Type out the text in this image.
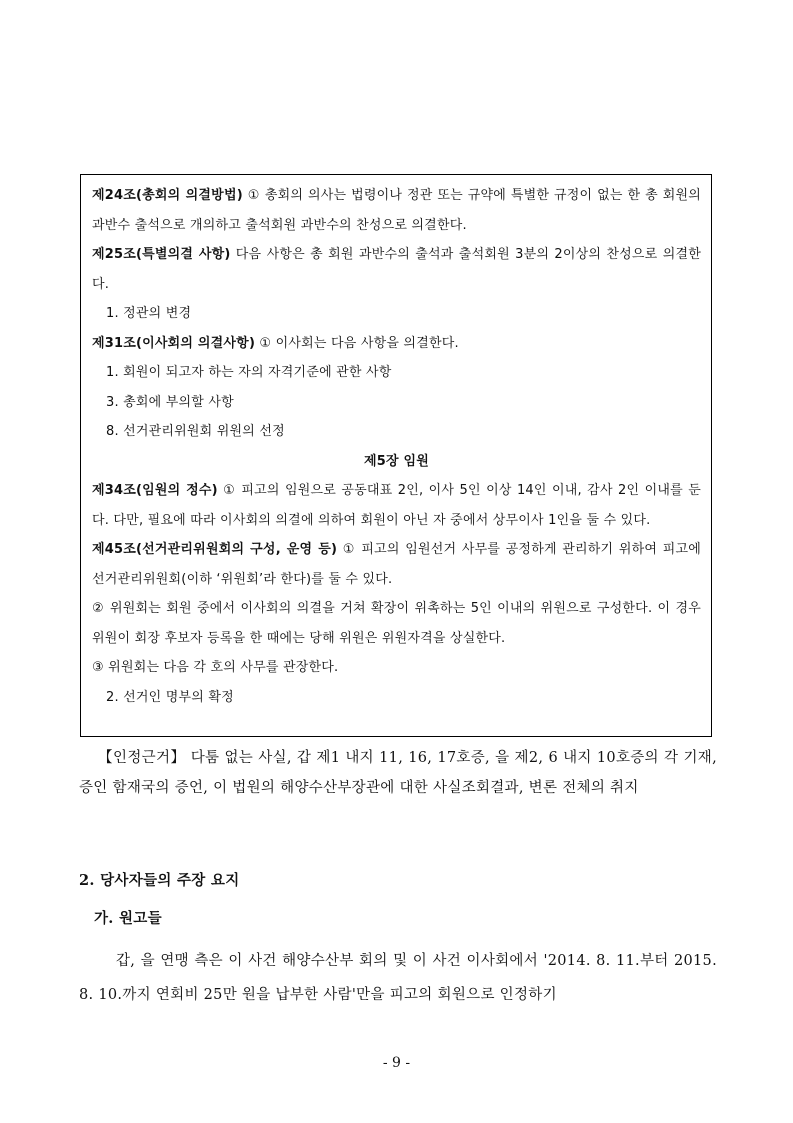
제24조(총회의 의결방법) ① 총회의 의사는 법령이나 정관 또는 규약에 특별한 규정이 없는 한 총 회원의 과반수 출석으로 개의하고 출석회원 과반수의 찬성으로 의결한다.

제25조(특별의결 사항) 다음 사항은 총 회원 과반수의 출석과 출석회원 3분의 2이상의 찬성으로 의결한다.

1. 정관의 변경

제31조(이사회의 의결사항) ① 이사회는 다음 사항을 의결한다.

1. 회원이 되고자 하는 자의 자격기준에 관한 사항

3. 총회에 부의할 사항

8. 선거관리위원회 위원의 선정

제5장 임원

제34조(임원의 정수) ① 피고의 임원으로 공동대표 2인, 이사 5인 이상 14인 이내, 감사 2인 이내를 둔다. 다만, 필요에 따라 이사회의 의결에 의하여 회원이 아닌 자 중에서 상무이사 1인을 둘 수 있다.

제45조(선거관리위원회의 구성, 운영 등) ① 피고의 임원선거 사무를 공정하게 관리하기 위하여 피고에 선거관리위원회(이하 ‘위원회’라 한다)를 둘 수 있다.

② 위원회는 회원 중에서 이사회의 의결을 거쳐 확장이 위촉하는 5인 이내의 위원으로 구성한다. 이 경우 위원이 회장 후보자 등록을 한 때에는 당해 위원은 위원자격을 상실한다.

③ 위원회는 다음 각 호의 사무를 관장한다.

2. 선거인 명부의 확정

【인정근거】 다툼 없는 사실, 갑 제1 내지 11, 16, 17호증, 을 제2, 6 내지 10호증의 각 기재, 증인 함재국의 증언, 이 법원의 해양수산부장관에 대한 사실조회결과, 변론 전체의 취지

2. 당사자들의 주장 요지
가. 원고들

갑, 을 연맹 측은 이 사건 해양수산부 회의 및 이 사건 이사회에서 '2014. 8. 11.부터 2015. 8. 10.까지 연회비 25만 원을 납부한 사람'만을 피고의 회원으로 인정하기

- 9 -
